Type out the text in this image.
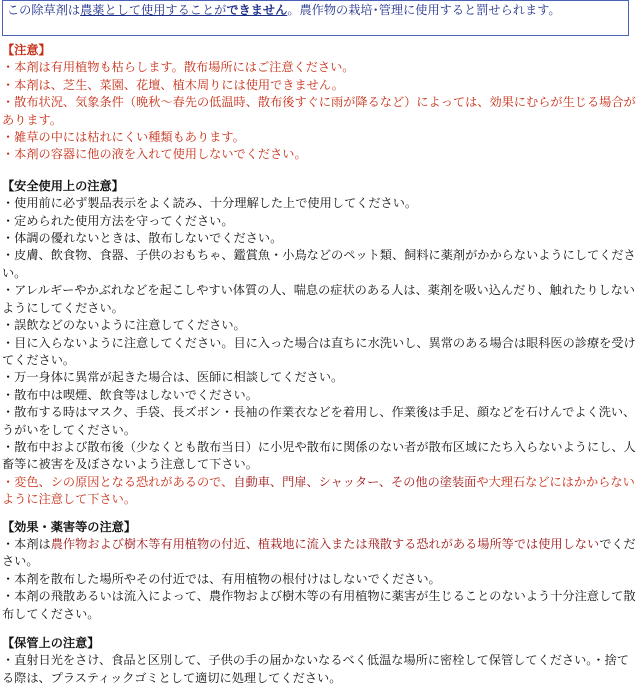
この除草剤は農薬として使用することができません。農作物の栽培･管理に使用すると罰せられます。
【注意】
・本剤は有用植物も枯らします。散布場所にはご注意ください。
・本剤は、芝生、菜園、花壇、植木周りには使用できません。
・散布状況、気象条件（晩秋～春先の低温時、散布後すぐに雨が降るなど）によっては、効果にむらが生じる場合があります。
・雑草の中には枯れにくい種類もあります。
・本剤の容器に他の液を入れて使用しないでください。
【安全使用上の注意】
・使用前に必ず製品表示をよく読み、十分理解した上で使用してください。
・定められた使用方法を守ってください。
・体調の優れないときは、散布しないでください。
・皮膚、飲食物、食器、子供のおもちゃ、鑑賞魚・小鳥などのペット類、飼料に薬剤がかからないようにしてください。
・アレルギーやかぶれなどを起こしやすい体質の人、喘息の症状のある人は、薬剤を吸い込んだり、触れたりしないようにしてください。
・誤飲などのないように注意してください。
・目に入らないように注意してください。目に入った場合は直ちに水洗いし、異常のある場合は眼科医の診療を受けてください。
・万一身体に異常が起きた場合は、医師に相談してください。
・散布中は喫煙、飲食等はしないでください。
・散布する時はマスク、手袋、長ズボン・長袖の作業衣などを着用し、作業後は手足、顔などを石けんでよく洗い、うがいをしてください。
・散布中および散布後（少なくとも散布当日）に小児や散布に関係のない者が散布区域にたち入らないようにし、人畜等に被害を及ぼさないよう注意して下さい。
・変色、シの原因となる恐れがあるので、自動車、門扉、シャッター、その他の塗装面や大理石などにはかからないように注意して下さい。
【効果・薬害等の注意】
・本剤は農作物および樹木等有用植物の付近、植栽地に流入または飛散する恐れがある場所等では使用しないでください。
・本剤を散布した場所やその付近では、有用植物の根付けはしないでください。
・本剤の飛散あるいは流入によって、農作物および樹木等の有用植物に薬害が生じることのないよう十分注意して散布してください。
【保管上の注意】
・直射日光をさけ、食品と区別して、子供の手の届かないなるべく低温な場所に密栓して保管してください。・捨てる際は、プラスティックゴミとして適切に処理してください。
